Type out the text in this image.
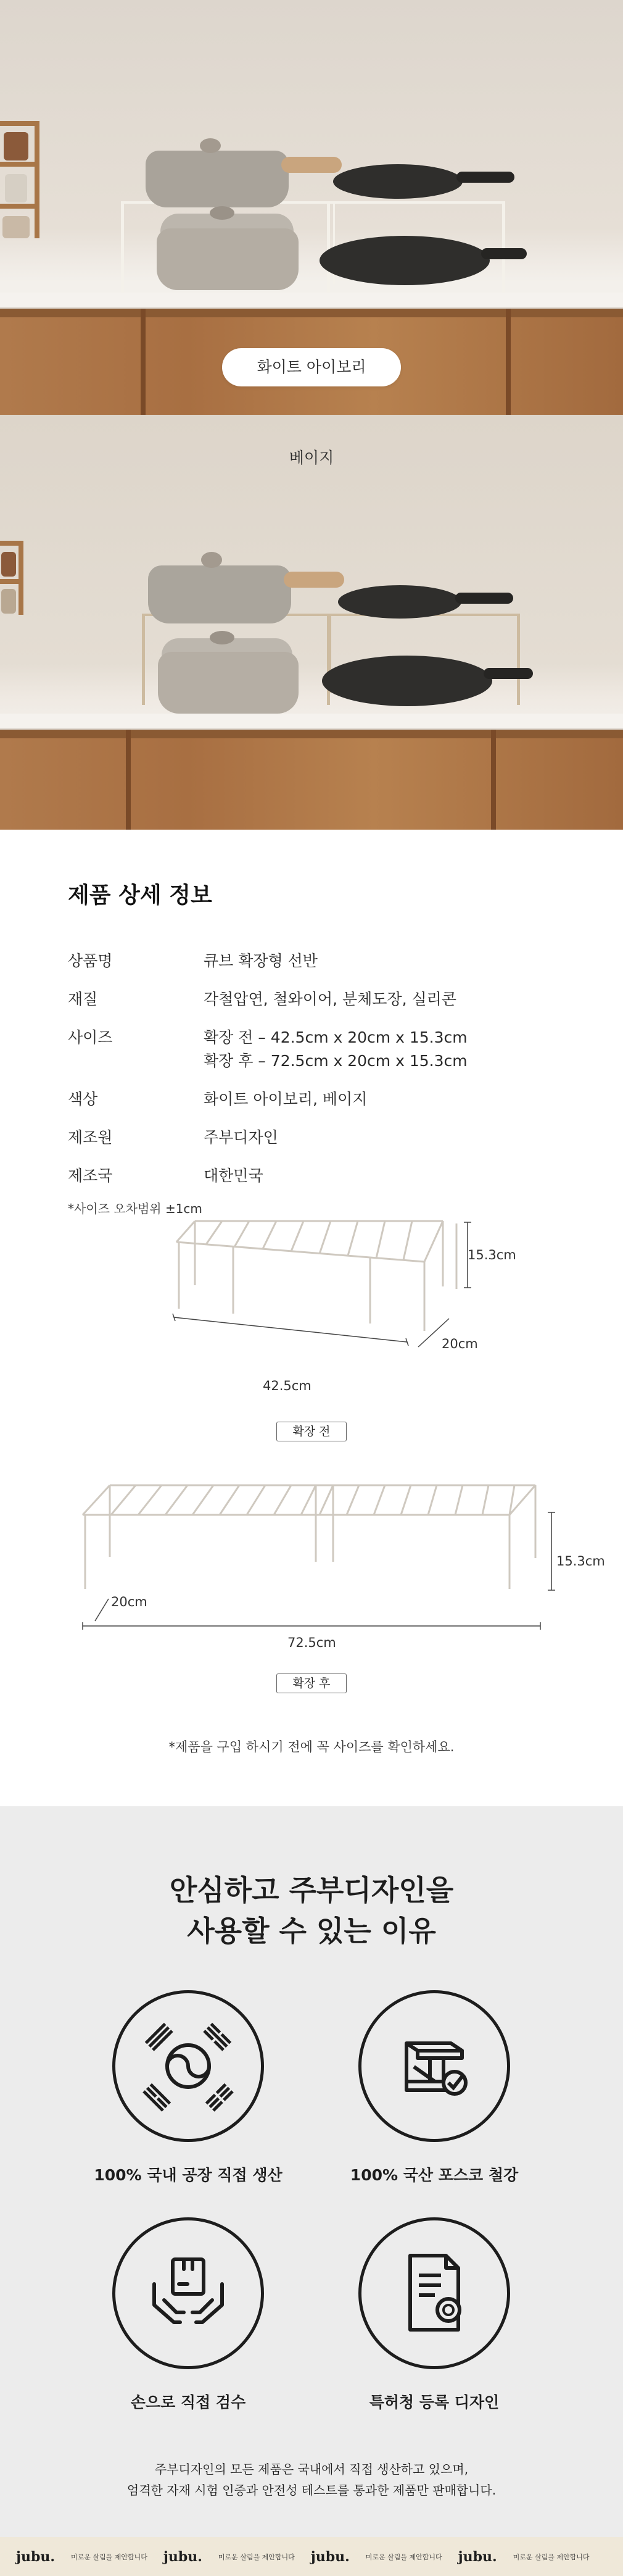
화이트 아이보리
베이지
제품 상세 정보
상품명	큐브 확장형 선반
재질	각철압연, 철와이어, 분체도장, 실리콘
사이즈	확장 전 – 42.5cm x 20cm x 15.3cm
확장 후 – 72.5cm x 20cm x 15.3cm
색상	화이트 아이보리, 베이지
제조원	주부디자인
제조국	대한민국
*사이즈 오차범위 ±1cm
15.3cm
20cm
42.5cm
확장 전
15.3cm
20cm
72.5cm
확장 후
*제품을 구입 하시기 전에 꼭 사이즈를 확인하세요.
안심하고 주부디자인을
사용할 수 있는 이유
100% 국내 공장 직접 생산	100% 국산 포스코 철강
손으로 직접 검수	특허청 등록 디자인
주부디자인의 모든 제품은 국내에서 직접 생산하고 있으며,
엄격한 자재 시험 인증과 안전성 테스트를 통과한 제품만 판매합니다.
jubu. 미로운 살림을 제안합니다 jubu. 미로운 살림을 제안합니다 jubu. 미로운 살림을 제안합니다 jubu. 미로운 살림을 제안합니다
